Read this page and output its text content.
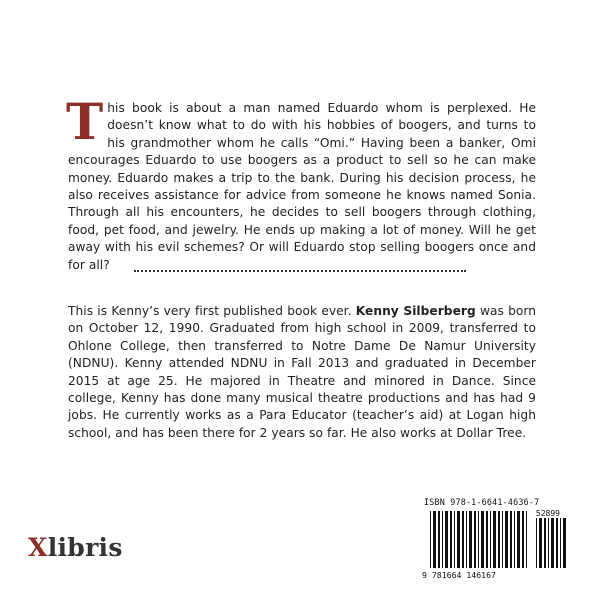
This book is about a man named Eduardo whom is perplexed. He doesn’t know what to do with his hobbies of boogers, and turns to his grandmother whom he calls “Omi.” Having been a banker, Omi encourages Eduardo to use boogers as a product to sell so he can make money. Eduardo makes a trip to the bank. During his decision process, he also receives assistance for advice from someone he knows named Sonia. Through all his encounters, he decides to sell boogers through clothing, food, pet food, and jewelry. He ends up making a lot of money. Will he get away with his evil schemes? Or will Eduardo stop selling boogers once and for all?
This is Kenny’s very first published book ever. Kenny Silberberg was born on October 12, 1990. Graduated from high school in 2009, transferred to Ohlone College, then transferred to Notre Dame De Namur University (NDNU). Kenny attended NDNU in Fall 2013 and graduated in December 2015 at age 25. He majored in Theatre and minored in Dance. Since college, Kenny has done many musical theatre productions and has had 9 jobs. He currently works as a Para Educator (teacher’s aid) at Logan high school, and has been there for 2 years so far. He also works at Dollar Tree.
Xlibris
ISBN 978-1-6641-4636-7
52899
9 781664 146167
